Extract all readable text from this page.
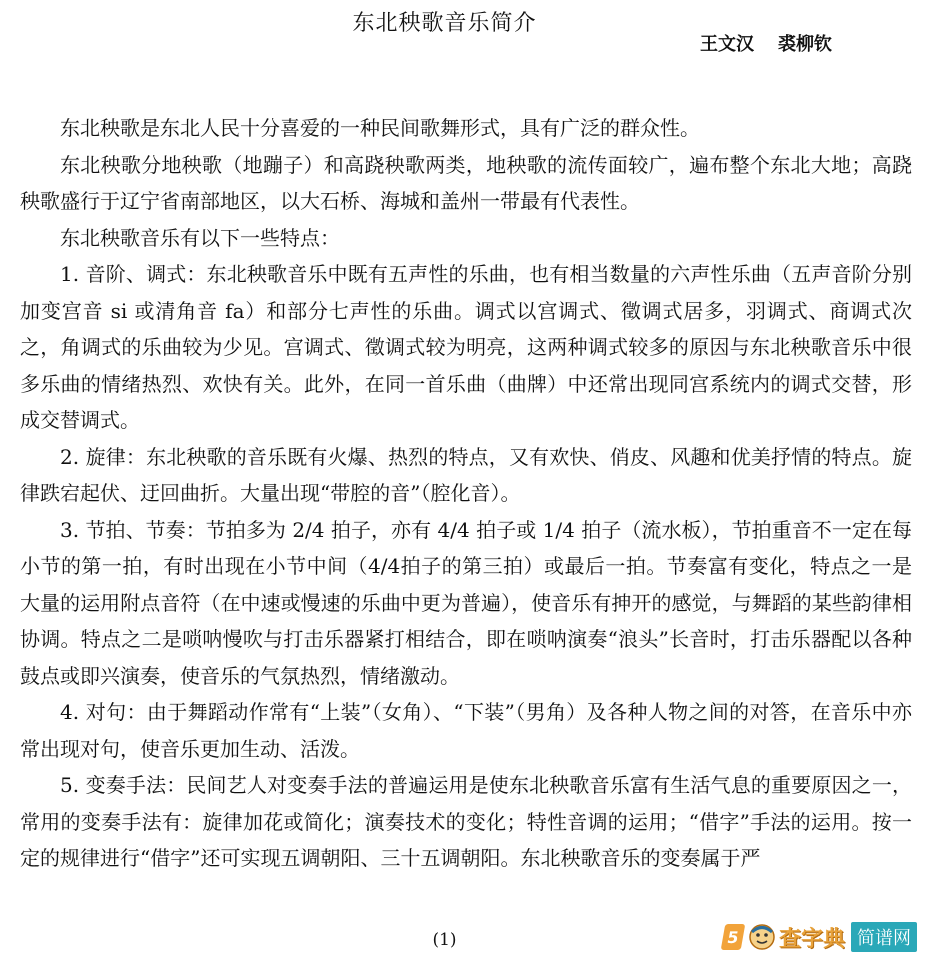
东北秧歌音乐简介
王文汉 裘柳钦

东北秧歌是东北人民十分喜爱的一种民间歌舞形式，具有广泛的群众性。

东北秧歌分地秧歌（地蹦子）和高跷秧歌两类，地秧歌的流传面较广，遍布整个东北大地；高跷秧歌盛行于辽宁省南部地区，以大石桥、海城和盖州一带最有代表性。

东北秧歌音乐有以下一些特点：

1. 音阶、调式：东北秧歌音乐中既有五声性的乐曲，也有相当数量的六声性乐曲（五声音阶分别加变宫音 si 或清角音 fa）和部分七声性的乐曲。调式以宫调式、徵调式居多，羽调式、商调式次之，角调式的乐曲较为少见。宫调式、徵调式较为明亮，这两种调式较多的原因与东北秧歌音乐中很多乐曲的情绪热烈、欢快有关。此外，在同一首乐曲（曲牌）中还常出现同宫系统内的调式交替，形成交替调式。

2. 旋律：东北秧歌的音乐既有火爆、热烈的特点，又有欢快、俏皮、风趣和优美抒情的特点。旋律跌宕起伏、迂回曲折。大量出现“带腔的音”（腔化音）。

3. 节拍、节奏：节拍多为 2/4 拍子，亦有 4/4 拍子或 1/4 拍子（流水板），节拍重音不一定在每小节的第一拍，有时出现在小节中间（4/4拍子的第三拍）或最后一拍。节奏富有变化，特点之一是大量的运用附点音符（在中速或慢速的乐曲中更为普遍），使音乐有抻开的感觉，与舞蹈的某些韵律相协调。特点之二是唢呐慢吹与打击乐器紧打相结合，即在唢呐演奏“浪头”长音时，打击乐器配以各种鼓点或即兴演奏，使音乐的气氛热烈，情绪激动。

4. 对句：由于舞蹈动作常有“上装”（女角）、“下装”（男角）及各种人物之间的对答，在音乐中亦常出现对句，使音乐更加生动、活泼。

5. 变奏手法：民间艺人对变奏手法的普遍运用是使东北秧歌音乐富有生活气息的重要原因之一，常用的变奏手法有：旋律加花或简化；演奏技术的变化；特性音调的运用；“借字”手法的运用。按一定的规律进行“借字”还可实现五调朝阳、三十五调朝阳。东北秧歌音乐的变奏属于严

(1)	5 查字典 简谱网
